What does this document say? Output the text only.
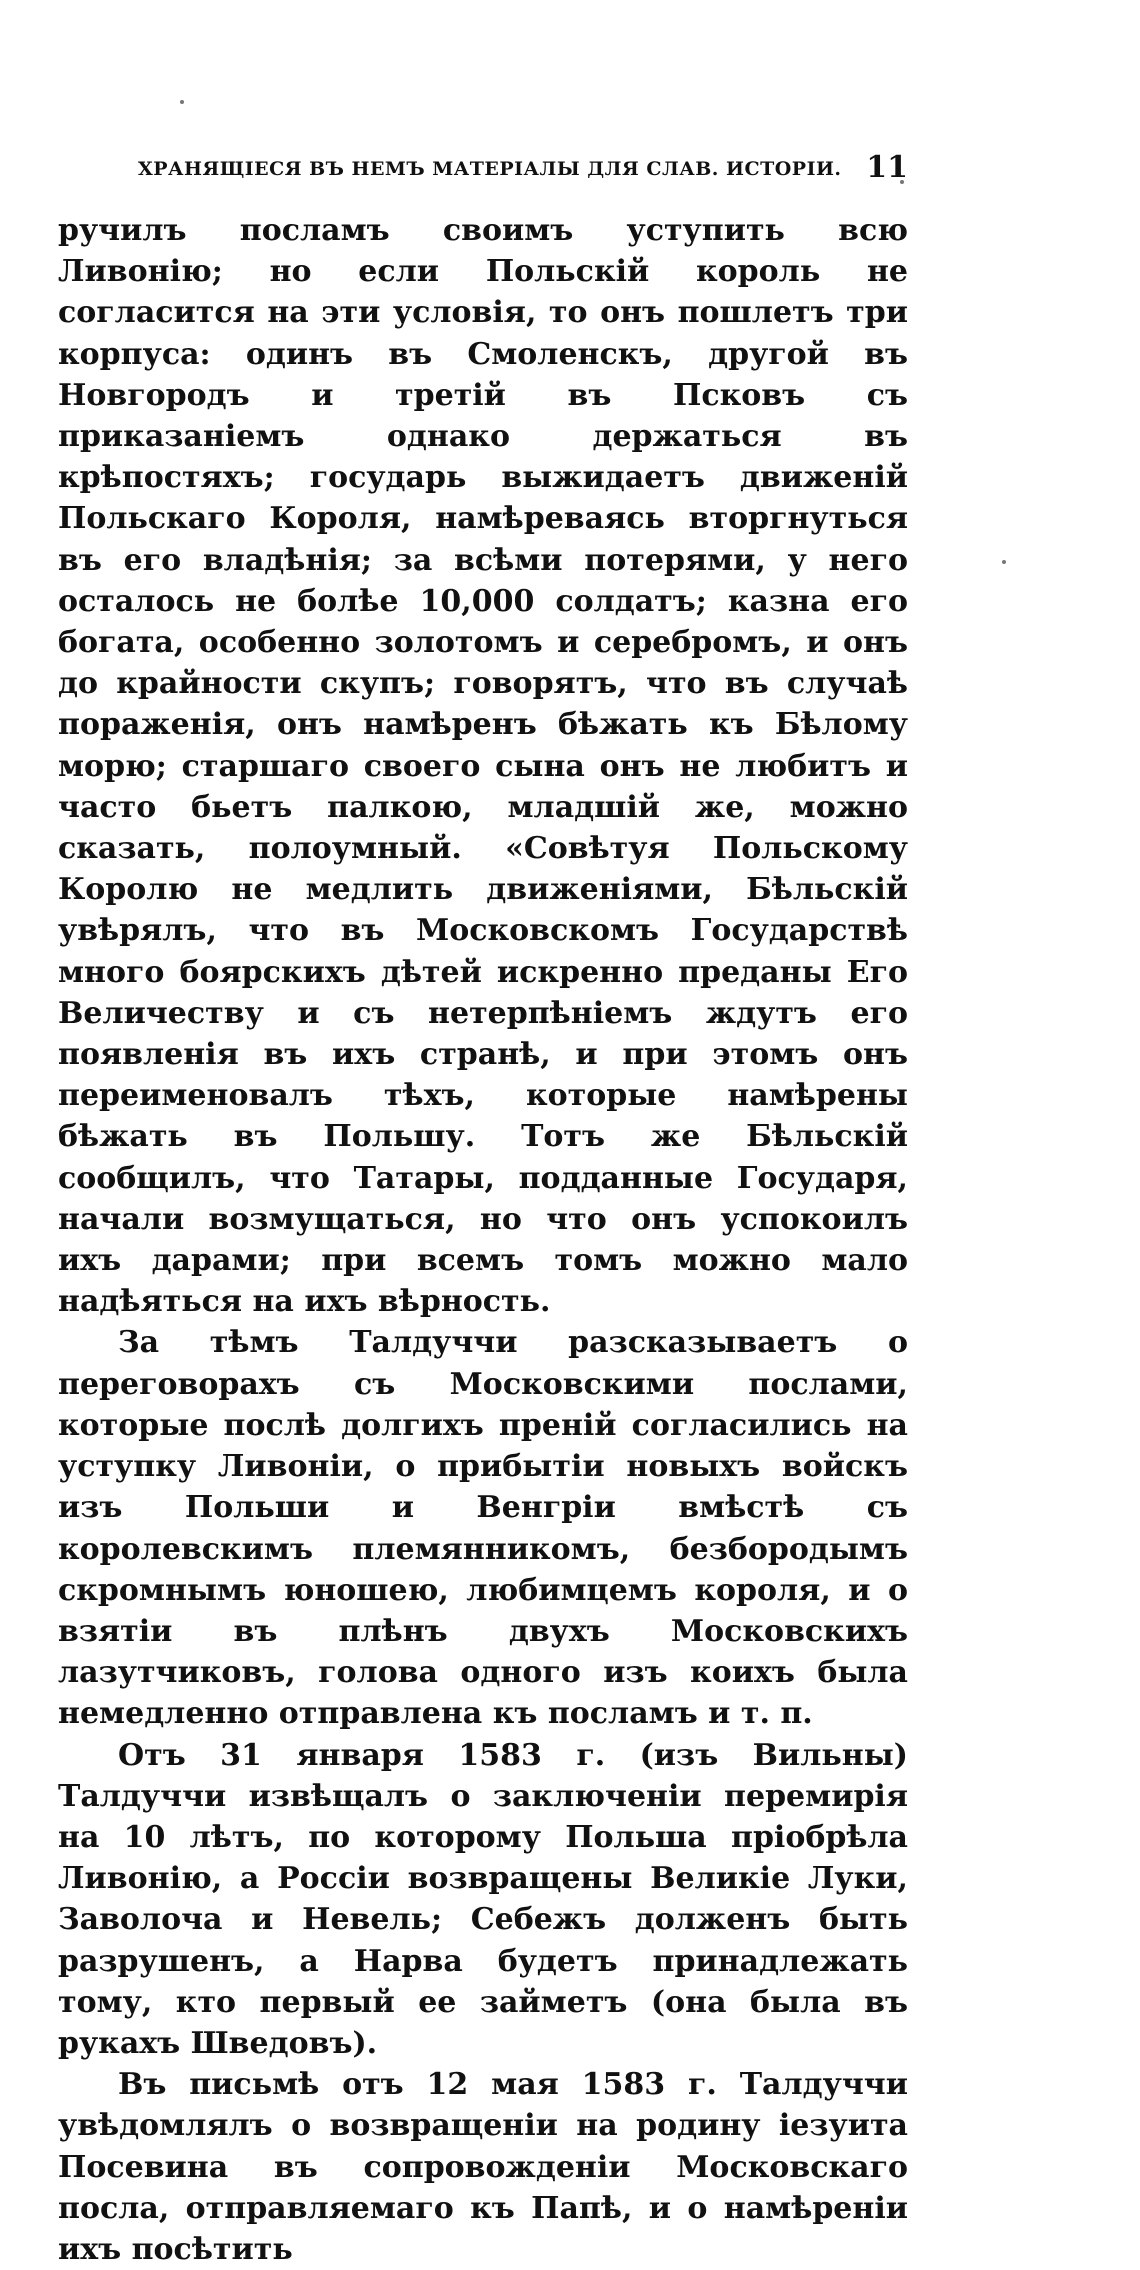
ХРАНЯЩІЕСЯ ВЪ НЕМЪ МАТЕРІАЛЫ ДЛЯ СЛАВ. ИСТОРІИ. 11

ручилъ посламъ своимъ уступить всю Ливонію; но если Польскій король не согласится на эти условія, то онъ пошлетъ три корпуса: одинъ въ Смоленскъ, другой въ Новгородъ и третій въ Псковъ съ приказаніемъ однако держаться въ крѣпостяхъ; государь выжидаетъ движеній Польскаго Короля, намѣреваясь вторгнуться въ его владѣнія; за всѣми потерями, у него осталось не болѣе 10,000 солдатъ; казна его богата, особенно золотомъ и серебромъ, и онъ до крайности скупъ; говорятъ, что въ случаѣ пораженія, онъ намѣренъ бѣжать къ Бѣлому морю; старшаго своего сына онъ не любитъ и часто бьетъ палкою, младшій же, можно сказать, полоумный. «Совѣтуя Польскому Королю не медлить движеніями, Бѣльскій увѣрялъ, что въ Московскомъ Государствѣ много боярскихъ дѣтей искренно преданы Его Величеству и съ нетерпѣніемъ ждутъ его появленія въ ихъ странѣ, и при этомъ онъ переименовалъ тѣхъ, которые намѣрены бѣжать въ Польшу. Тотъ же Бѣльскій сообщилъ, что Татары, подданные Государя, начали возмущаться, но что онъ успокоилъ ихъ дарами; при всемъ томъ можно мало надѣяться на ихъ вѣрность.

За тѣмъ Талдуччи разсказываетъ о переговорахъ съ Московскими послами, которые послѣ долгихъ преній согласились на уступку Ливоніи, о прибытіи новыхъ войскъ изъ Польши и Венгріи вмѣстѣ съ королевскимъ племянникомъ, безбородымъ скромнымъ юношею, любимцемъ короля, и о взятіи въ плѣнъ двухъ Московскихъ лазутчиковъ, голова одного изъ коихъ была немедленно отправлена къ посламъ и т. п.

Отъ 31 января 1583 г. (изъ Вильны) Талдуччи извѣщалъ о заключеніи перемирія на 10 лѣтъ, по которому Польша пріобрѣла Ливонію, а Россіи возвращены Великіе Луки, Заволоча и Невель; Себежъ долженъ быть разрушенъ, а Нарва будетъ принадлежать тому, кто первый ее займетъ (она была въ рукахъ Шведовъ).

Въ письмѣ отъ 12 мая 1583 г. Талдуччи увѣдомлялъ о возвращеніи на родину іезуита Посевина въ сопровожденіи Московскаго посла, отправляемаго къ Папѣ, и о намѣреніи ихъ посѣтить
